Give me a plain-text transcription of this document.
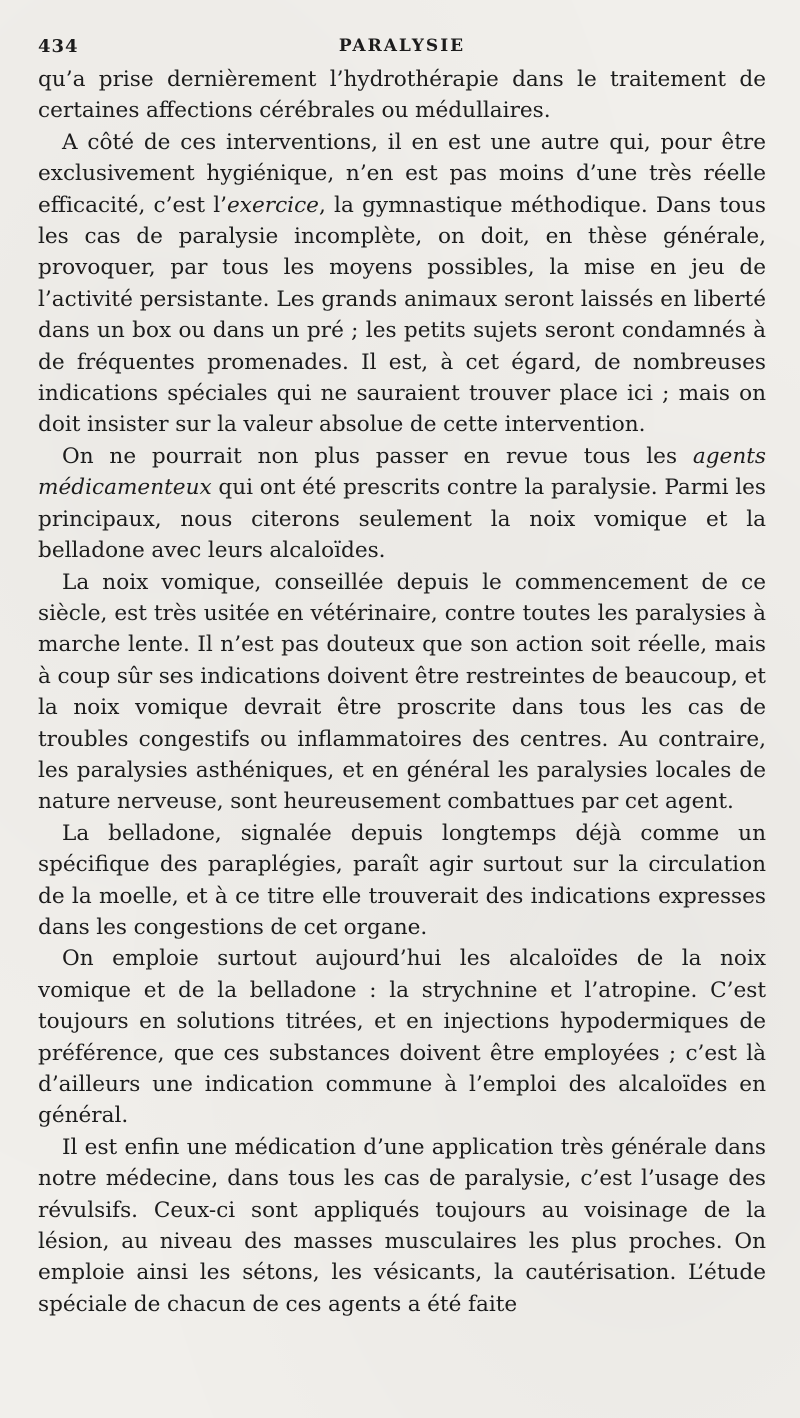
434	PARALYSIE

qu’a prise dernièrement l’hydrothérapie dans le traitement de certaines affections cérébrales ou médullaires.

A côté de ces interventions, il en est une autre qui, pour être exclusivement hygiénique, n’en est pas moins d’une très réelle efficacité, c’est l’exercice, la gymnastique méthodique. Dans tous les cas de paralysie incomplète, on doit, en thèse générale, provoquer, par tous les moyens possibles, la mise en jeu de l’activité persistante. Les grands animaux seront laissés en liberté dans un box ou dans un pré ; les petits sujets seront condamnés à de fréquentes promenades. Il est, à cet égard, de nombreuses indications spéciales qui ne sauraient trouver place ici ; mais on doit insister sur la valeur absolue de cette intervention.

On ne pourrait non plus passer en revue tous les agents médicamenteux qui ont été prescrits contre la paralysie. Parmi les principaux, nous citerons seulement la noix vomique et la belladone avec leurs alcaloïdes.

La noix vomique, conseillée depuis le commencement de ce siècle, est très usitée en vétérinaire, contre toutes les paralysies à marche lente. Il n’est pas douteux que son action soit réelle, mais à coup sûr ses indications doivent être restreintes de beaucoup, et la noix vomique devrait être proscrite dans tous les cas de troubles congestifs ou inflammatoires des centres. Au contraire, les paralysies asthéniques, et en général les paralysies locales de nature nerveuse, sont heureusement combattues par cet agent.

La belladone, signalée depuis longtemps déjà comme un spécifique des paraplégies, paraît agir surtout sur la circulation de la moelle, et à ce titre elle trouverait des indications expresses dans les congestions de cet organe.

On emploie surtout aujourd’hui les alcaloïdes de la noix vomique et de la belladone : la strychnine et l’atropine. C’est toujours en solutions titrées, et en injections hypodermiques de préférence, que ces substances doivent être employées ; c’est là d’ailleurs une indication commune à l’emploi des alcaloïdes en général.

Il est enfin une médication d’une application très générale dans notre médecine, dans tous les cas de paralysie, c’est l’usage des révulsifs. Ceux-ci sont appliqués toujours au voisinage de la lésion, au niveau des masses musculaires les plus proches. On emploie ainsi les sétons, les vésicants, la cautérisation. L’étude spéciale de chacun de ces agents a été faite
